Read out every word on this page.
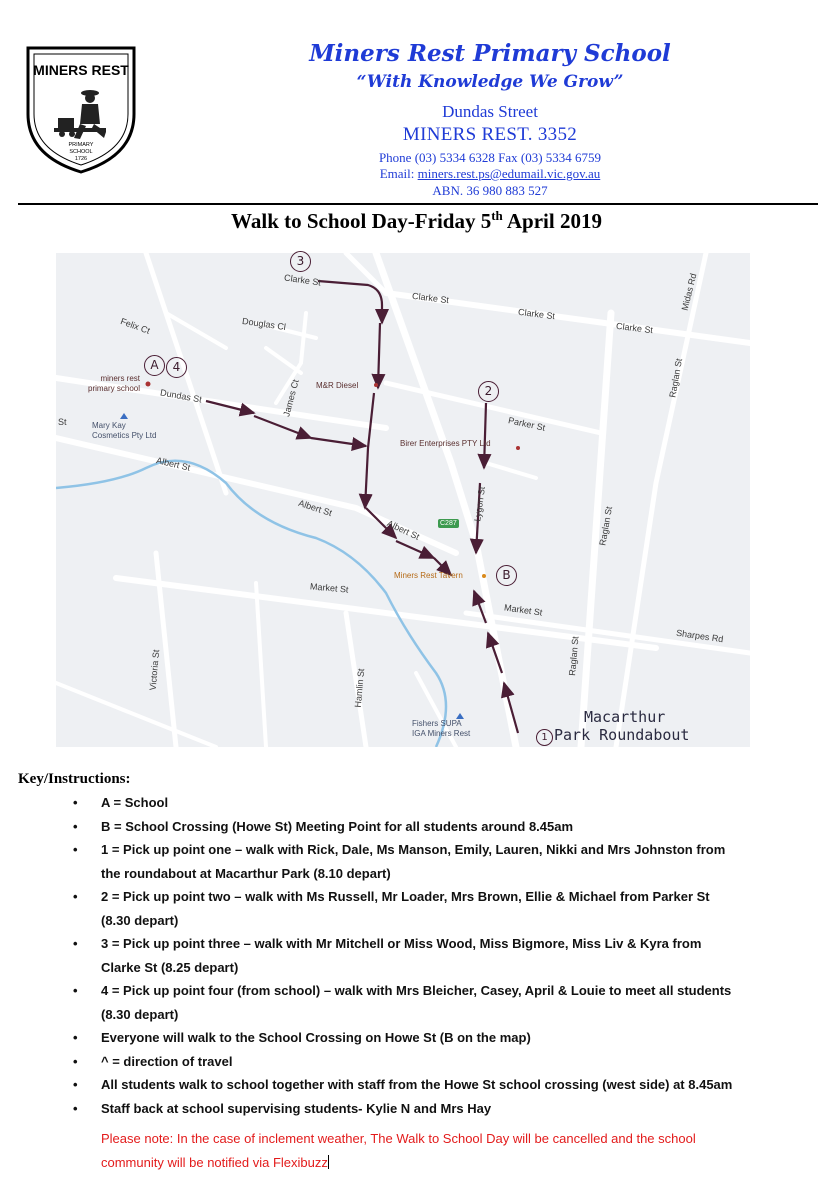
MINERS REST
PRIMARY
SCHOOL
1726
Miners Rest Primary School
“With Knowledge We Grow”
Dundas Street
MINERS REST. 3352
Phone (03) 5334 6328 Fax (03) 5334 6759
Email: miners.rest.ps@edumail.vic.gov.au
ABN. 36 980 883 527
Walk to School Day-Friday 5th April 2019
Clarke St
Clarke St
Clarke St
Clarke St
Felix Ct	Douglas Cl
Dundas St	James Ct
Parker St
Albert St
Albert St
Albert St
Lygon St
Market St
Market St
Sharpes Rd
Raglan St
Raglan St
Raglan St
Midas Rd
Victoria St	Hamlin St
St
miners rest
primary school	M&R Diesel
Mary Kay
Cosmetics Pty Ltd
Birer Enterprises PTY Ltd
Miners Rest Tavern
Fishers SUPA
IGA Miners Rest
C287
A	4
3
2
B
1
Macarthur
Park Roundabout
Key/Instructions:
• A = School
• B = School Crossing (Howe St) Meeting Point for all students around 8.45am
• 1 = Pick up point one – walk with Rick, Dale, Ms Manson, Emily, Lauren, Nikki and Mrs Johnston from
the roundabout at Macarthur Park (8.10 depart)
• 2 = Pick up point two – walk with Ms Russell, Mr Loader, Mrs Brown, Ellie & Michael from Parker St
(8.30 depart)
• 3 = Pick up point three – walk with Mr Mitchell or Miss Wood, Miss Bigmore, Miss Liv & Kyra from
Clarke St (8.25 depart)
• 4 = Pick up point four (from school) – walk with Mrs Bleicher, Casey, April & Louie to meet all students
(8.30 depart)
• Everyone will walk to the School Crossing on Howe St (B on the map)
• ^ = direction of travel
• All students walk to school together with staff from the Howe St school crossing (west side) at 8.45am
• Staff back at school supervising students- Kylie N and Mrs Hay
Please note: In the case of inclement weather, The Walk to School Day will be cancelled and the school
community will be notified via Flexibuzz
